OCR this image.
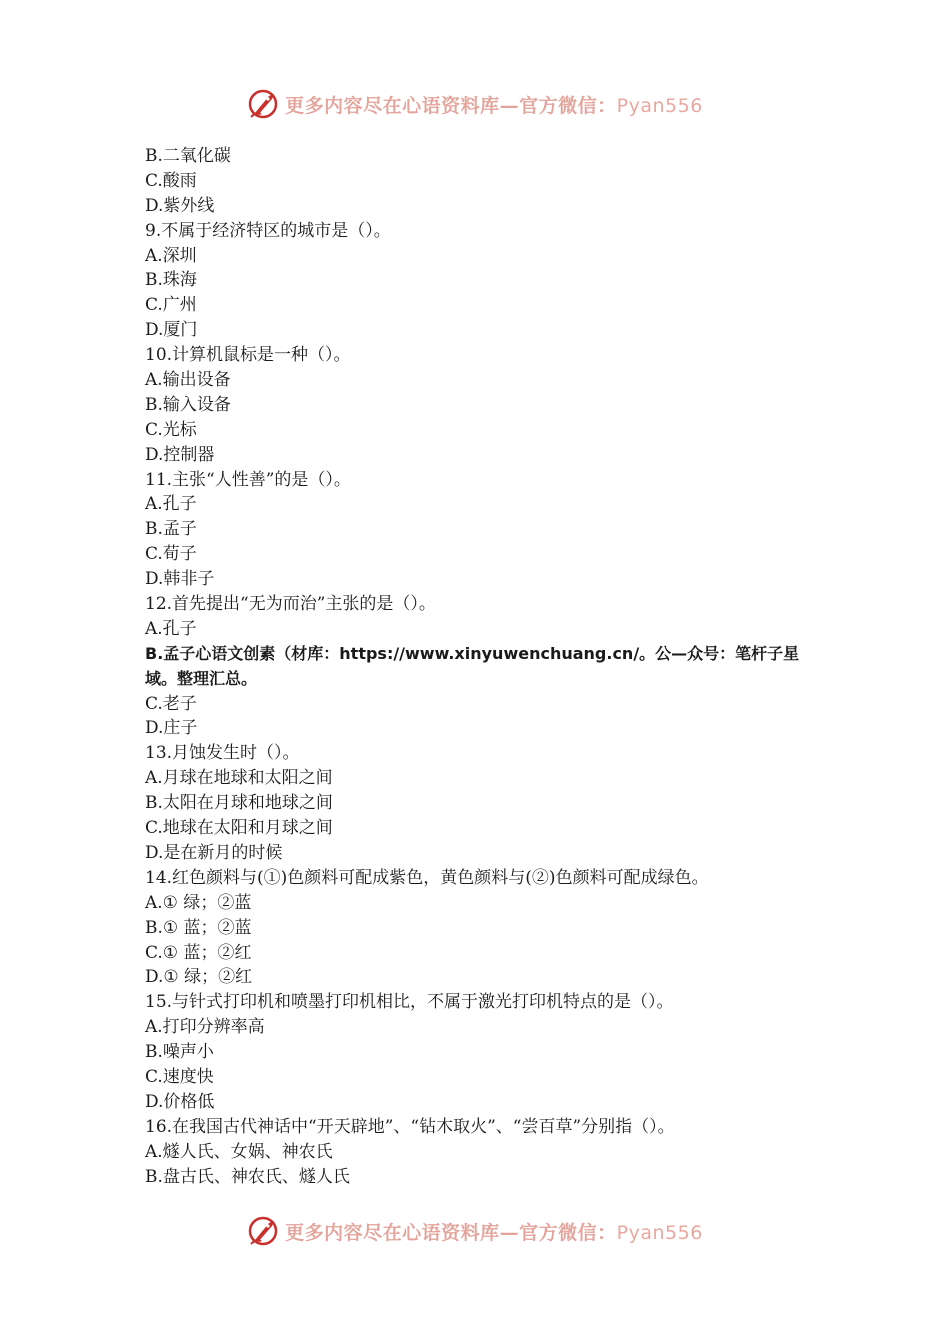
更多内容尽在心语资料库—官方微信：Pyan556
B.二氧化碳
C.酸雨
D.紫外线
9.不属于经济特区的城市是（）。
A.深圳
B.珠海
C.广州
D.厦门
10.计算机鼠标是一种（）。
A.输出设备
B.输入设备
C.光标
D.控制器
11.主张“人性善”的是（）。
A.孔子
B.孟子
C.荀子
D.韩非子
12.首先提出“无为而治”主张的是（）。
A.孔子
B.孟子心语文创素（材库：https://www.xinyuwenchuang.cn/。公—众号：笔杆子星
域。整理汇总。
C.老子
D.庄子
13.月蚀发生时（）。
A.月球在地球和太阳之间
B.太阳在月球和地球之间
C.地球在太阳和月球之间
D.是在新月的时候
14.红色颜料与(①)色颜料可配成紫色，黄色颜料与(②)色颜料可配成绿色。
A.① 绿；②蓝
B.① 蓝；②蓝
C.① 蓝；②红
D.① 绿；②红
15.与针式打印机和喷墨打印机相比，不属于激光打印机特点的是（）。
A.打印分辨率高
B.噪声小
C.速度快
D.价格低
16.在我国古代神话中“开天辟地”、“钻木取火”、“尝百草”分别指（）。
A.燧人氏、女娲、神农氏
B.盘古氏、神农氏、燧人氏
更多内容尽在心语资料库—官方微信：Pyan556
